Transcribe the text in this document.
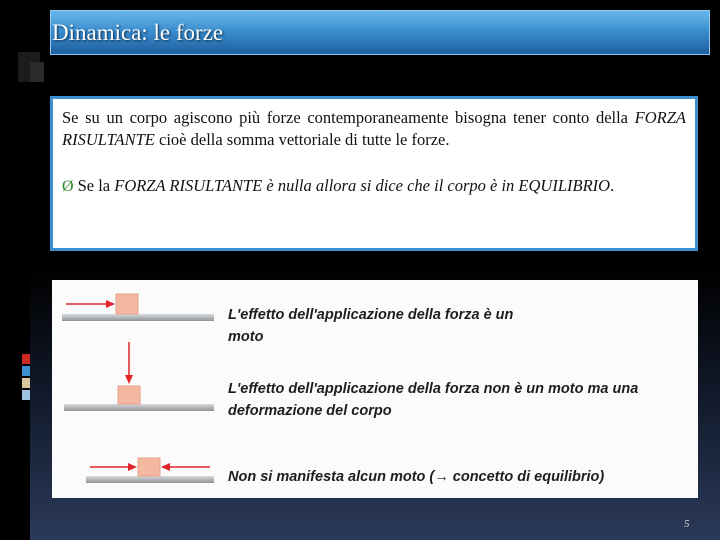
Dinamica: le forze

Se su un corpo agiscono più forze contemporaneamente bisogna tener conto della FORZA RISULTANTE cioè della somma vettoriale di tutte le forze.

Ø Se la FORZA RISULTANTE è nulla allora si dice che il corpo è in EQUILIBRIO.

L'effetto dell'applicazione della forza è un
moto
L'effetto dell'applicazione della forza non è un moto ma una
deformazione del corpo
Non si manifesta alcun moto (→ concetto di equilibrio)
5
